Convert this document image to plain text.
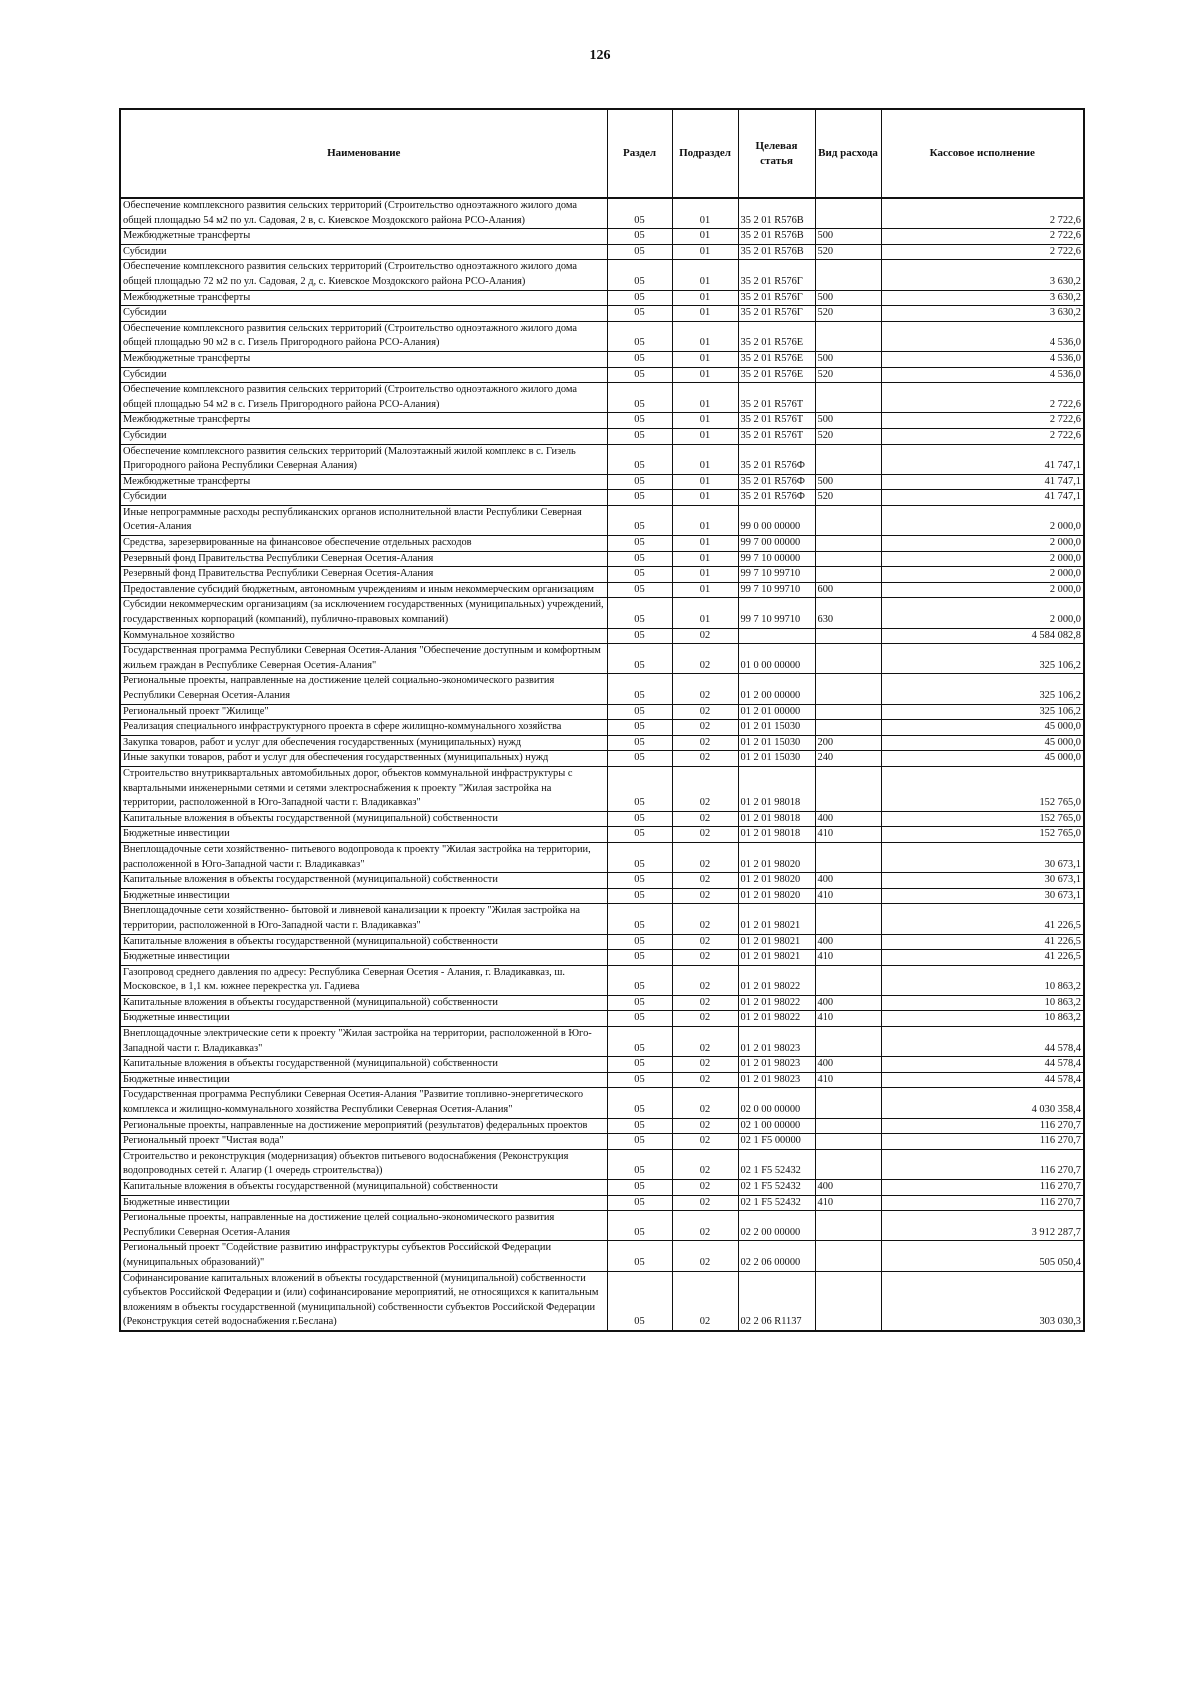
126
Наименование	Раздел	Подраздел	Целевая статья	Вид расхода	Кассовое исполнение
Обеспечение комплексного развития сельских территорий (Строительство одноэтажного жилого дома общей площадью 54 м2 по ул. Садовая, 2 в, с. Киевское Моздокского района РСО-Алания)	05	01	35 2 01 R576В		2 722,6
Межбюджетные трансферты	05	01	35 2 01 R576В	500	2 722,6
Субсидии	05	01	35 2 01 R576В	520	2 722,6
Обеспечение комплексного развития сельских территорий (Строительство одноэтажного жилого дома общей площадью 72 м2 по ул. Садовая, 2 д, с. Киевское Моздокского района РСО-Алания)	05	01	35 2 01 R576Г		3 630,2
Межбюджетные трансферты	05	01	35 2 01 R576Г	500	3 630,2
Субсидии	05	01	35 2 01 R576Г	520	3 630,2
Обеспечение комплексного развития сельских территорий (Строительство одноэтажного жилого дома общей площадью 90 м2 в с. Гизель Пригородного района РСО-Алания)	05	01	35 2 01 R576Е		4 536,0
Межбюджетные трансферты	05	01	35 2 01 R576Е	500	4 536,0
Субсидии	05	01	35 2 01 R576Е	520	4 536,0
Обеспечение комплексного развития сельских территорий (Строительство одноэтажного жилого дома общей площадью 54 м2 в с. Гизель Пригородного района РСО-Алания)	05	01	35 2 01 R576Т		2 722,6
Межбюджетные трансферты	05	01	35 2 01 R576Т	500	2 722,6
Субсидии	05	01	35 2 01 R576Т	520	2 722,6
Обеспечение комплексного развития сельских территорий (Малоэтажный жилой комплекс в с. Гизель Пригородного района Республики Северная Алания)	05	01	35 2 01 R576Ф		41 747,1
Межбюджетные трансферты	05	01	35 2 01 R576Ф	500	41 747,1
Субсидии	05	01	35 2 01 R576Ф	520	41 747,1
Иные непрограммные расходы республиканских органов исполнительной власти Республики Северная Осетия-Алания	05	01	99 0 00 00000		2 000,0
Средства, зарезервированные на финансовое обеспечение отдельных расходов	05	01	99 7 00 00000		2 000,0
Резервный фонд Правительства Республики Северная Осетия-Алания	05	01	99 7 10 00000		2 000,0
Резервный фонд Правительства Республики Северная Осетия-Алания	05	01	99 7 10 99710		2 000,0
Предоставление субсидий бюджетным, автономным учреждениям и иным некоммерческим организациям	05	01	99 7 10 99710	600	2 000,0
Субсидии некоммерческим организациям (за исключением государственных (муниципальных) учреждений, государственных корпораций (компаний), публично-правовых компаний)	05	01	99 7 10 99710	630	2 000,0
Коммунальное хозяйство	05	02			4 584 082,8
Государственная программа Республики Северная Осетия-Алания "Обеспечение доступным и комфортным жильем граждан в Республике Северная Осетия-Алания"	05	02	01 0 00 00000		325 106,2
Региональные проекты, направленные на достижение целей социально-экономического развития Республики Северная Осетия-Алания	05	02	01 2 00 00000		325 106,2
Региональный проект "Жилище"	05	02	01 2 01 00000		325 106,2
Реализация специального инфраструктурного проекта в сфере жилищно-коммунального хозяйства	05	02	01 2 01 15030		45 000,0
Закупка товаров, работ и услуг для обеспечения государственных (муниципальных) нужд	05	02	01 2 01 15030	200	45 000,0
Иные закупки товаров, работ и услуг для обеспечения государственных (муниципальных) нужд	05	02	01 2 01 15030	240	45 000,0
Строительство внутриквартальных автомобильных дорог, объектов коммунальной инфраструктуры с квартальными инженерными сетями и сетями электроснабжения к проекту "Жилая застройка на территории, расположенной в Юго-Западной части г. Владикавказ"	05	02	01 2 01 98018		152 765,0
Капитальные вложения в объекты государственной (муниципальной) собственности	05	02	01 2 01 98018	400	152 765,0
Бюджетные инвестиции	05	02	01 2 01 98018	410	152 765,0
Внеплощадочные сети хозяйственно- питьевого водопровода к проекту "Жилая застройка на территории, расположенной в Юго-Западной части г. Владикавказ"	05	02	01 2 01 98020		30 673,1
Капитальные вложения в объекты государственной (муниципальной) собственности	05	02	01 2 01 98020	400	30 673,1
Бюджетные инвестиции	05	02	01 2 01 98020	410	30 673,1
Внеплощадочные сети хозяйственно- бытовой и ливневой канализации к проекту "Жилая застройка на территории, расположенной в Юго-Западной части г. Владикавказ"	05	02	01 2 01 98021		41 226,5
Капитальные вложения в объекты государственной (муниципальной) собственности	05	02	01 2 01 98021	400	41 226,5
Бюджетные инвестиции	05	02	01 2 01 98021	410	41 226,5
Газопровод среднего давления по адресу: Республика Северная Осетия - Алания, г. Владикавказ, ш. Московское, в 1,1 км. южнее перекрестка ул. Гадиева	05	02	01 2 01 98022		10 863,2
Капитальные вложения в объекты государственной (муниципальной) собственности	05	02	01 2 01 98022	400	10 863,2
Бюджетные инвестиции	05	02	01 2 01 98022	410	10 863,2
Внеплощадочные электрические сети к проекту "Жилая застройка на территории, расположенной в Юго-Западной части г. Владикавказ"	05	02	01 2 01 98023		44 578,4
Капитальные вложения в объекты государственной (муниципальной) собственности	05	02	01 2 01 98023	400	44 578,4
Бюджетные инвестиции	05	02	01 2 01 98023	410	44 578,4
Государственная программа Республики Северная Осетия-Алания "Развитие топливно-энергетического комплекса и жилищно-коммунального хозяйства Республики Северная Осетия-Алания"	05	02	02 0 00 00000		4 030 358,4
Региональные проекты, направленные на достижение мероприятий (результатов) федеральных проектов	05	02	02 1 00 00000		116 270,7
Региональный проект "Чистая вода"	05	02	02 1 F5 00000		116 270,7
Строительство и реконструкция (модернизация) объектов питьевого водоснабжения (Реконструкция водопроводных сетей г. Алагир (1 очередь строительства))	05	02	02 1 F5 52432		116 270,7
Капитальные вложения в объекты государственной (муниципальной) собственности	05	02	02 1 F5 52432	400	116 270,7
Бюджетные инвестиции	05	02	02 1 F5 52432	410	116 270,7
Региональные проекты, направленные на достижение целей социально-экономического развития Республики Северная Осетия-Алания	05	02	02 2 00 00000		3 912 287,7
Региональный проект "Содействие развитию инфраструктуры субъектов Российской Федерации (муниципальных образований)"	05	02	02 2 06 00000		505 050,4
Софинансирование капитальных вложений в объекты государственной (муниципальной) собственности субъектов Российской Федерации и (или) софинансирование мероприятий, не относящихся к капитальным вложениям в объекты государственной (муниципальной) собственности субъектов Российской Федерации (Реконструкция сетей водоснабжения г.Беслана)	05	02	02 2 06 R1137		303 030,3
